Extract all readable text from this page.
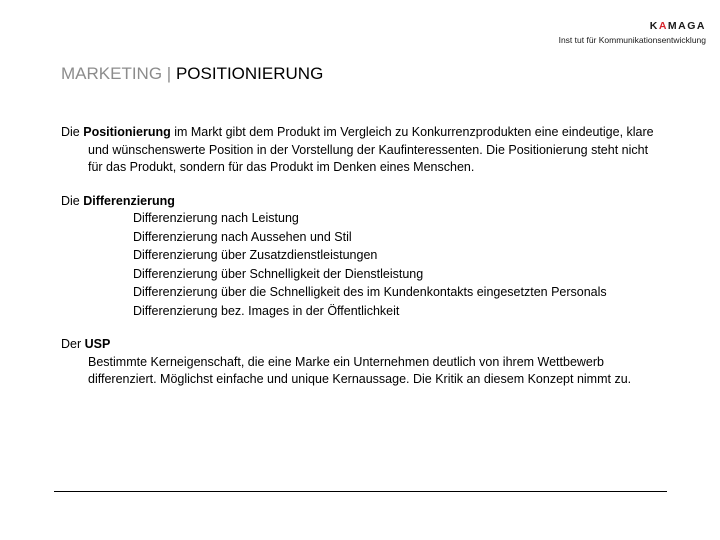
KAMAGA
Inst tut für Kommunikationsentwicklung
MARKETING | POSITIONIERUNG
Die Positionierung im Markt gibt dem Produkt im Vergleich zu Konkurrenzprodukten eine eindeutige, klare und wünschenswerte Position in der Vorstellung der Kaufinteressenten. Die Positionierung steht nicht für das Produkt, sondern für das Produkt im Denken eines Menschen.
Die Differenzierung
Differenzierung nach Leistung
Differenzierung nach Aussehen und Stil
Differenzierung über Zusatzdienstleistungen
Differenzierung über Schnelligkeit der Dienstleistung
Differenzierung über die Schnelligkeit des im Kundenkontakts eingesetzten Personals
Differenzierung bez. Images in der Öffentlichkeit
Der USP
Bestimmte Kerneigenschaft, die eine Marke ein Unternehmen deutlich von ihrem Wettbewerb differenziert. Möglichst einfache und unique Kernaussage. Die Kritik an diesem Konzept nimmt zu.
